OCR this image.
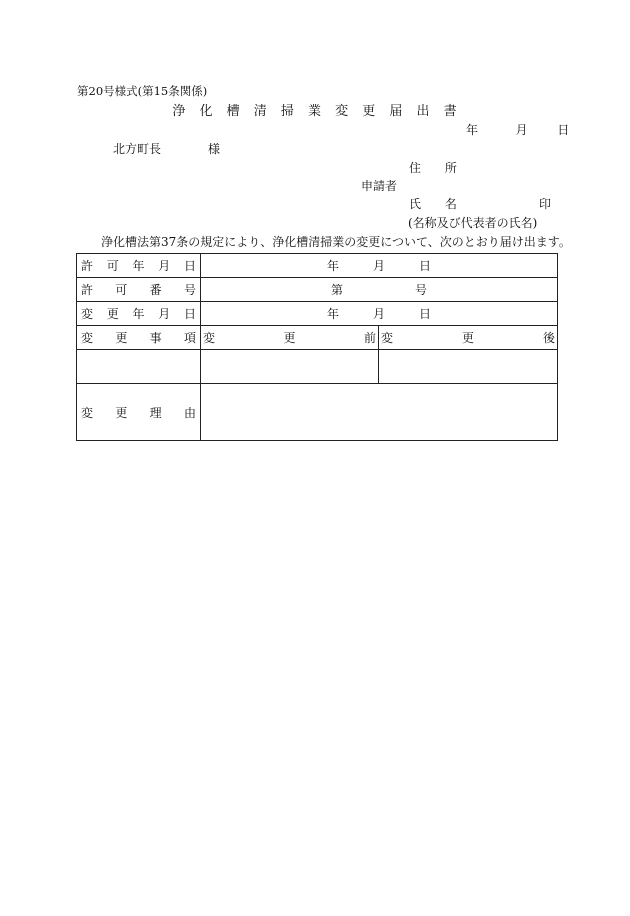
第20号様式(第15条関係)
浄 化 槽 清 掃 業 変 更 届 出 書
年	月 日
北方町長	様
住 所
申請者
氏 名	印
(名称及び代表者の氏名)
浄化槽法第37条の規定により、浄化槽清掃業の変更について、次のとおり届け出ます。
許 可 年 月 日	年 月 日	

許 可 番 号	第 号	

変 更 年 月 日	年 月 日	

変 更 事 項	変 更 前	変 更 後

変 更 理 由		
